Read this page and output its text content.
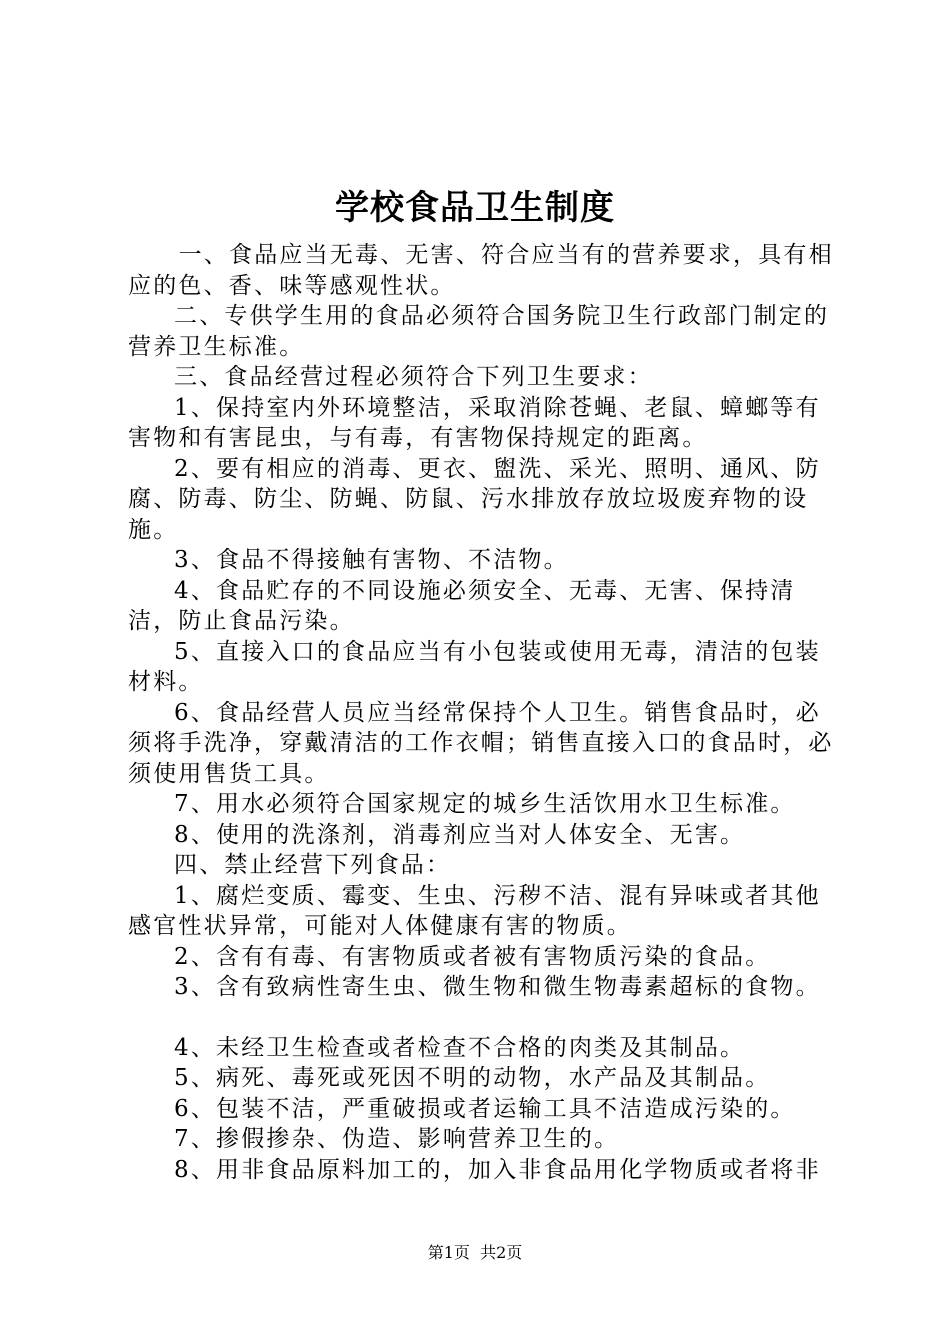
学校食品卫生制度

一、食品应当无毒、无害、符合应当有的营养要求，具有相应的色、香、味等感观性状。

二、专供学生用的食品必须符合国务院卫生行政部门制定的营养卫生标准。

三、食品经营过程必须符合下列卫生要求：

1、保持室内外环境整洁，采取消除苍蝇、老鼠、蟑螂等有害物和有害昆虫，与有毒，有害物保持规定的距离。

2、要有相应的消毒、更衣、盥洗、采光、照明、通风、防腐、防毒、防尘、防蝇、防鼠、污水排放存放垃圾废弃物的设施。

3、食品不得接触有害物、不洁物。

4、食品贮存的不同设施必须安全、无毒、无害、保持清洁，防止食品污染。

5、直接入口的食品应当有小包装或使用无毒，清洁的包装材料。

6、食品经营人员应当经常保持个人卫生。销售食品时，必须将手洗净，穿戴清洁的工作衣帽；销售直接入口的食品时，必须使用售货工具。

7、用水必须符合国家规定的城乡生活饮用水卫生标准。

8、使用的洗涤剂，消毒剂应当对人体安全、无害。

四、禁止经营下列食品：

1、腐烂变质、霉变、生虫、污秽不洁、混有异味或者其他感官性状异常，可能对人体健康有害的物质。

2、含有有毒、有害物质或者被有害物质污染的食品。

3、含有致病性寄生虫、微生物和微生物毒素超标的食物。

4、未经卫生检查或者检查不合格的肉类及其制品。

5、病死、毒死或死因不明的动物，水产品及其制品。

6、包装不洁，严重破损或者运输工具不洁造成污染的。

7、掺假掺杂、伪造、影响营养卫生的。

8、用非食品原料加工的，加入非食品用化学物质或者将非

第1页  共2页
